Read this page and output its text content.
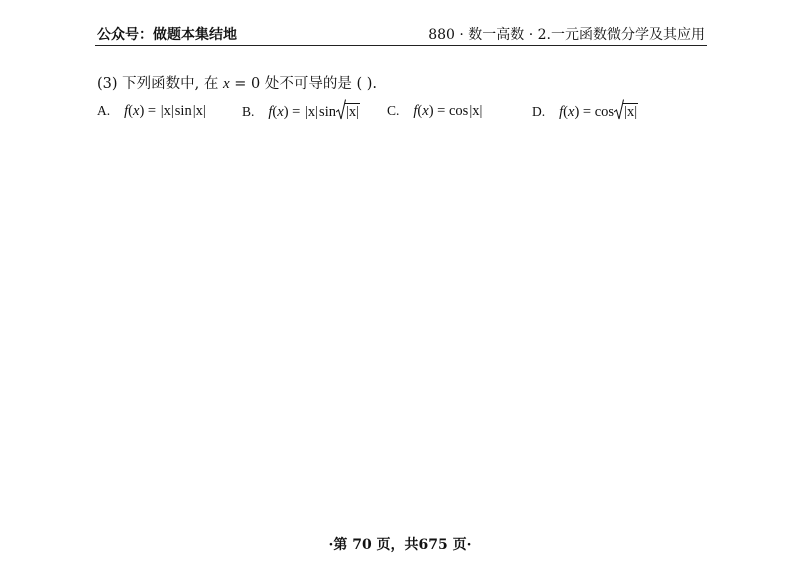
公众号：做题本集结地	880 · 数一高数 · 2.一元函数微分学及其应用
(3) 下列函数中, 在 x = 0 处不可导的是 ( ).
A. f(x) = |x|sin|x|	B. f(x) = |x|sin |x| C. f(x) = cos|x|	D. f(x) = cos |x|
·第 70 页，共675 页·
